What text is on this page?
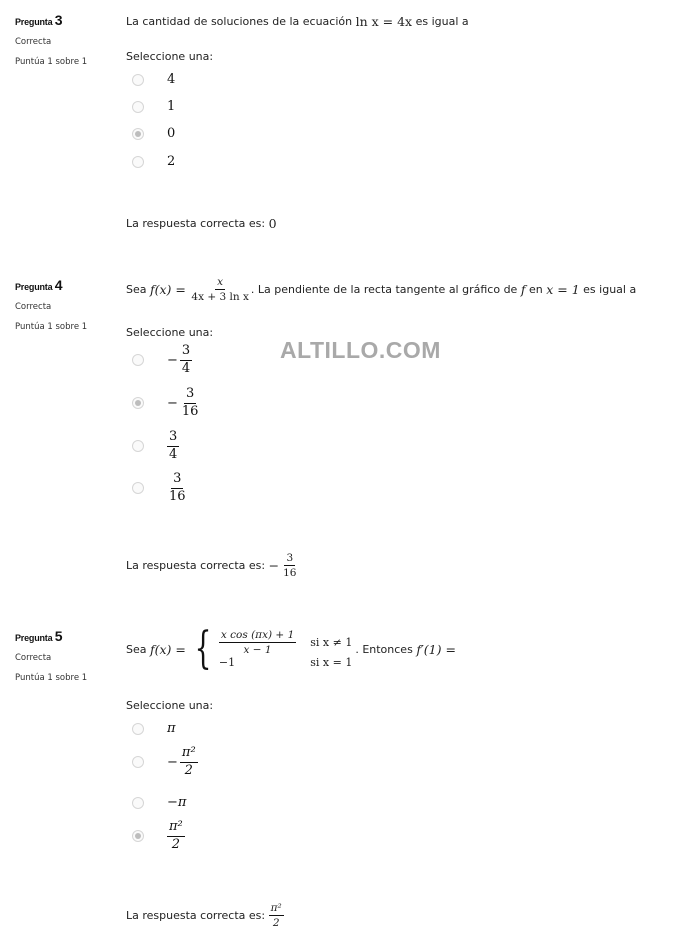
Pregunta 3
Correcta
Puntúa 1 sobre 1
La cantidad de soluciones de la ecuación
ln x = 4x
es igual a
Seleccione una:
4
1
0
2
La respuesta correcta es:
0
Pregunta 4
Correcta
Puntúa 1 sobre 1
Sea
f(x) =
$\frac{x}{\text{4x + 3 ln x}}$ . La pendiente de la recta tangente al gráfico de
f
en
x = 1
es igual a
Seleccione una:
− $\frac{3}{4}$
− $\frac{3}{16}$
$\frac{3}{4}$
$\frac{3}{16}$
La respuesta correcta es:
− $\frac{3}{16}$
Pregunta 5
Correcta
Puntúa 1 sobre 1
Sea
f(x) = { $\frac{\text{x cos (πx) + 1}}{x - 1}$ si x ≠ 1
−1	si x = 1
. Entonces
f′(1) =
Seleccione una:
π
− $\frac{\text{π²}}{2}$
−π
$\frac{\text{π²}}{2}$
La respuesta correcta es:
$\frac{\text{π²}}{2}$
ALTILLO.COM
